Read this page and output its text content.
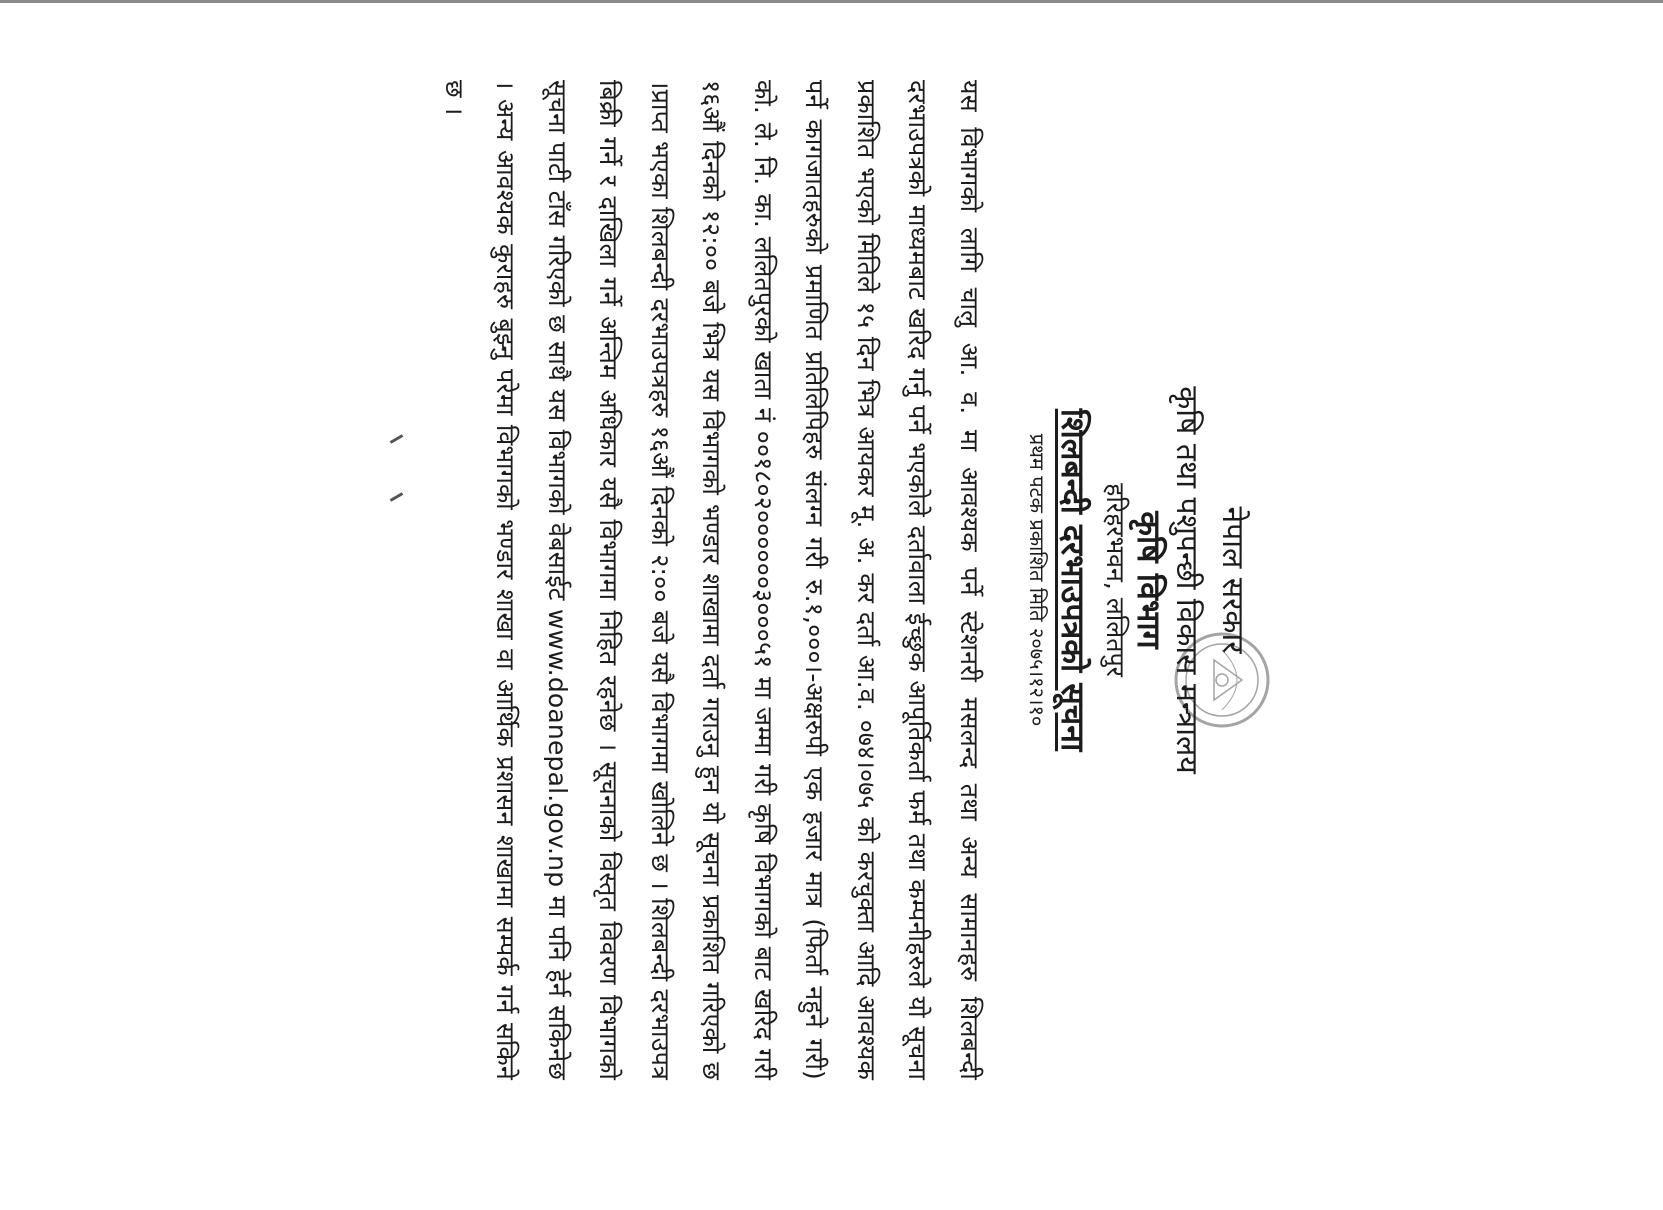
नेपाल सरकार
कृषि तथा पशुपन्छी विकास मन्त्रालय
कृषि विभाग
हरिहरभवन, ललितपुर
शिलबन्दी दरभाउपत्रको सूचना
प्रथम पटक प्रकाशित मिति २०७५।१२।१०
यस विभागको लागि चालु आ. व. मा आवश्यक पर्ने स्टेशनरी मसलन्द तथा अन्य सामानहरु शिलबन्दी दरभाउपत्रको माध्यमबाट खरिद गर्नु पर्ने भएकोले दर्तावाला ईच्छुक आपूर्तिकर्ता फर्म तथा कम्पनीहरुले यो सूचना प्रकाशित भएको मितिले १५ दिन भित्र आयकर मू. अ. कर दर्ता आ.व. ०७४।०७५ को करचुक्ता आदि आवश्यक पर्ने कागजातहरुको प्रमाणित प्रतिलिपिहरु संलग्न गरी रु.१,०००।-अक्षरुपी एक हजार मात्र (फिर्ता नहुने गरी) को. ले. नि. का. ललितपुरको खाता नं ००१८०२००००००३०००५१ मा जम्मा गरी कृषि विभागको बाट खरिद गरी १६औं दिनको १२:०० बजे भित्र यस विभागको भण्डार शाखामा दर्ता गराउनु हुन यो सूचना प्रकाशित गरिएको छ ।प्राप्त भएका शिलबन्दी दरभाउपत्रहरु १६औं दिनको २:०० बजे यसै विभागमा खोलिने छ । शिलबन्दी दरभाउपत्र बिक्री गर्ने र दाखिला गर्ने अन्तिम अधिकार यसै विभागमा निहित रहनेछ । सूचनाको विस्तृत विवरण विभागको सूचना पाटी टाँस गरिएको छ साथै यस विभागको वेबसाईट www.doanepal.gov.np मा पनि हेर्न सकिनेछ । अन्य आवश्यक कुराहरु बुझ्नु परेमा विभागको भण्डार शाखा वा आर्थिक प्रशासन शाखामा सम्पर्क गर्न सकिने छ ।
